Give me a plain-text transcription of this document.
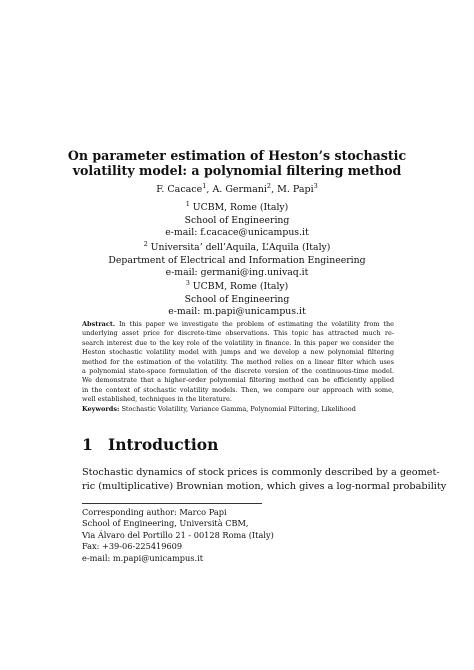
On parameter estimation of Heston’s stochastic
volatility model: a polynomial filtering method
F. Cacace$^1$, A. Germani$^2$, M. Papi$^3$
$^1$ UCBM, Rome (Italy)
School of Engineering
e-mail: f.cacace@unicampus.it
$^2$ Universita’ dell’Aquila, L’Aquila (Italy)
Department of Electrical and Information Engineering
e-mail: germani@ing.univaq.it
$^3$ UCBM, Rome (Italy)
School of Engineering
e-mail: m.papi@unicampus.it
Abstract. In this paper we investigate the problem of estimating the volatility from the
underlying asset price for discrete-time observations. This topic has attracted much re-
search interest due to the key role of the volatility in finance. In this paper we consider the
Heston stochastic volatility model with jumps and we develop a new polynomial filtering
method for the estimation of the volatility. The method relies on a linear filter which uses
a polynomial state-space formulation of the discrete version of the continuous-time model.
We demonstrate that a higher-order polynomial filtering method can be efficiently applied
in the context of stochastic volatility models. Then, we compare our approach with some,
well established, techniques in the literature.
Keywords: Stochastic Volatility, Variance Gamma, Polynomial Filtering, Likelihood
1 Introduction
Stochastic dynamics of stock prices is commonly described by a geomet-
ric (multiplicative) Brownian motion, which gives a log-normal probability
Corresponding author: Marco Papi
School of Engineering, Università CBM,
Via Álvaro del Portillo 21 - 00128 Roma (Italy)
Fax: +39-06-225419609
e-mail: m.papi@unicampus.it
